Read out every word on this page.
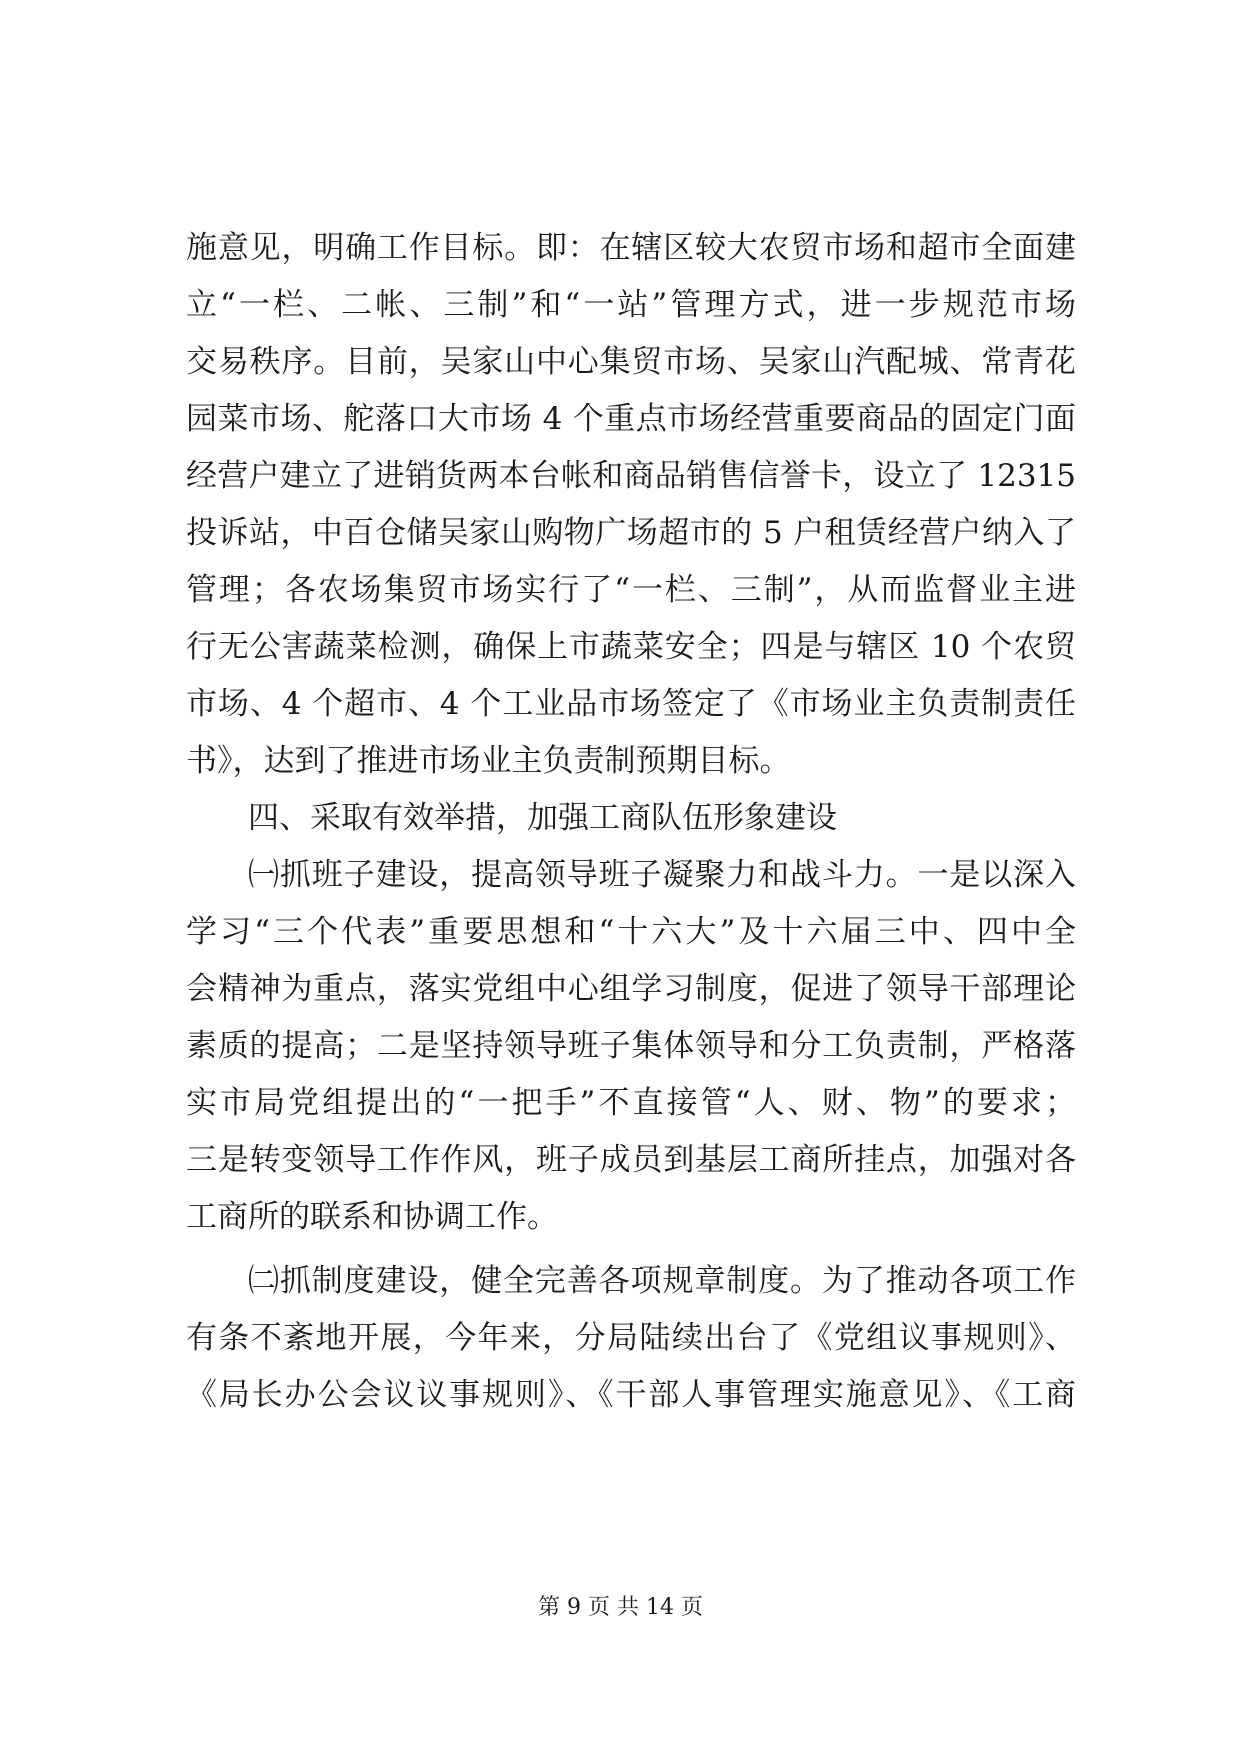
施意见，明确工作目标。即：在辖区较大农贸市场和超市全面建
立“一栏、二帐、三制”和“一站”管理方式，进一步规范市场
交易秩序。目前，吴家山中心集贸市场、吴家山汽配城、常青花
园菜市场、舵落口大市场 4 个重点市场经营重要商品的固定门面
经营户建立了进销货两本台帐和商品销售信誉卡，设立了 12315
投诉站，中百仓储吴家山购物广场超市的 5 户租赁经营户纳入了
管理；各农场集贸市场实行了“一栏、三制”，从而监督业主进
行无公害蔬菜检测，确保上市蔬菜安全；四是与辖区 10 个农贸
市场、4 个超市、4 个工业品市场签定了《市场业主负责制责任
书》，达到了推进市场业主负责制预期目标。
四、采取有效举措，加强工商队伍形象建设
㈠抓班子建设，提高领导班子凝聚力和战斗力。一是以深入
学习“三个代表”重要思想和“十六大”及十六届三中、四中全
会精神为重点，落实党组中心组学习制度，促进了领导干部理论
素质的提高；二是坚持领导班子集体领导和分工负责制，严格落
实市局党组提出的“一把手”不直接管“人、财、物”的要求；
三是转变领导工作作风，班子成员到基层工商所挂点，加强对各
工商所的联系和协调工作。
㈡抓制度建设，健全完善各项规章制度。为了推动各项工作
有条不紊地开展，今年来，分局陆续出台了《党组议事规则》、
《局长办公会议议事规则》、《干部人事管理实施意见》、《工商
第 9 页 共 14 页
